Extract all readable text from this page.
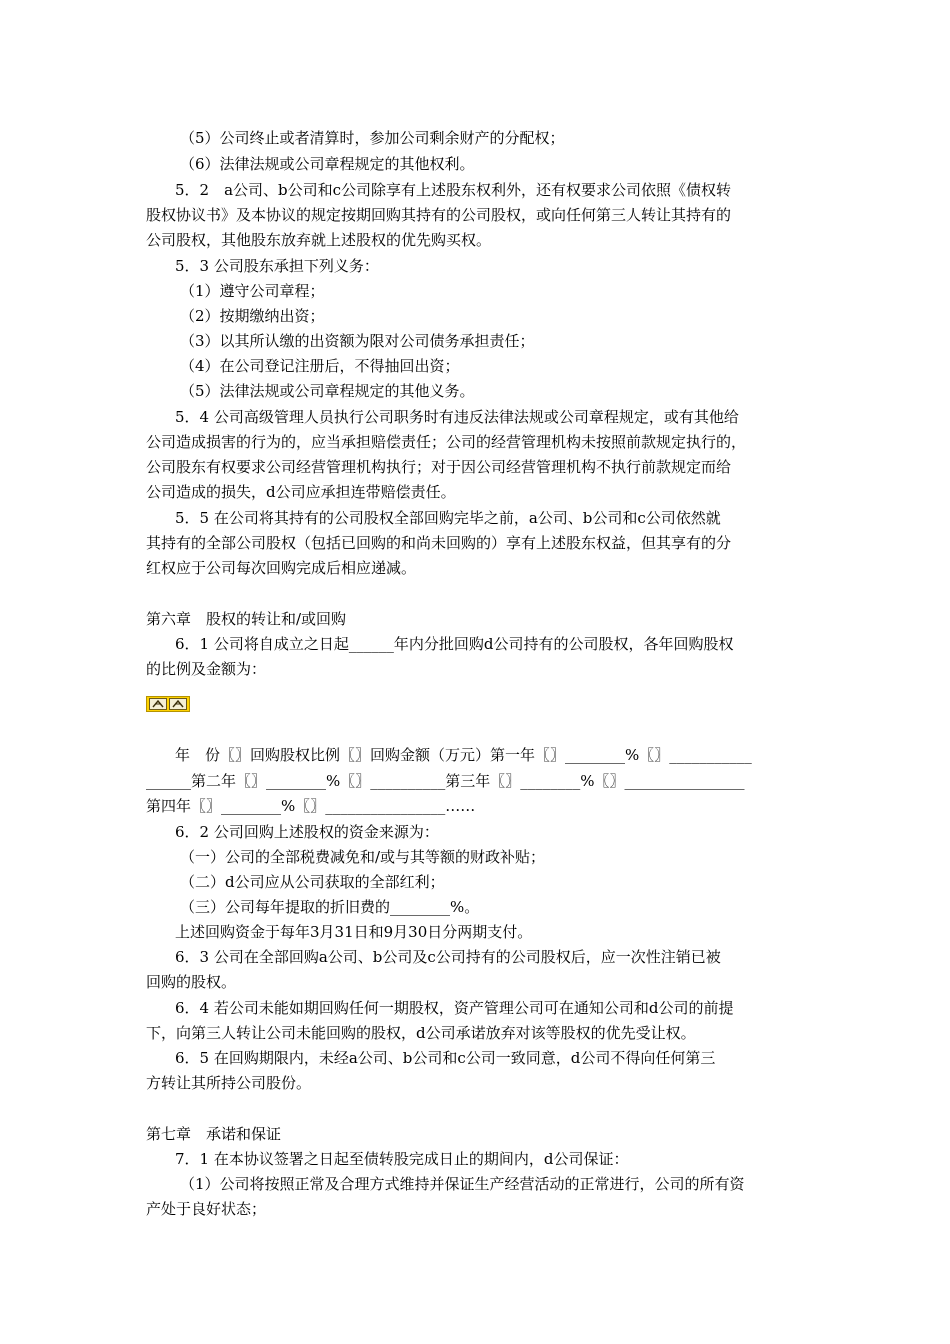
（5）公司终止或者清算时，参加公司剩余财产的分配权；
（6）法律法规或公司章程规定的其他权利。
5．2　a公司、b公司和c公司除享有上述股东权利外，还有权要求公司依照《债权转
股权协议书》及本协议的规定按期回购其持有的公司股权，或向任何第三人转让其持有的
公司股权，其他股东放弃就上述股权的优先购买权。
5．3 公司股东承担下列义务：
（1）遵守公司章程；
（2）按期缴纳出资；
（3）以其所认缴的出资额为限对公司债务承担责任；
（4）在公司登记注册后，不得抽回出资；
（5）法律法规或公司章程规定的其他义务。
5．4 公司高级管理人员执行公司职务时有违反法律法规或公司章程规定，或有其他给
公司造成损害的行为的，应当承担赔偿责任；公司的经营管理机构未按照前款规定执行的，
公司股东有权要求公司经营管理机构执行；对于因公司经营管理机构不执行前款规定而给
公司造成的损失，d公司应承担连带赔偿责任。
5．5 在公司将其持有的公司股权全部回购完毕之前，a公司、b公司和c公司依然就
其持有的全部公司股权（包括已回购的和尚未回购的）享有上述股东权益，但其享有的分
红权应于公司每次回购完成后相应递减。
第六章　股权的转让和/或回购
6．1 公司将自成立之日起______年内分批回购d公司持有的公司股权，各年回购股权
的比例及金额为：
年　份〖〗回购股权比例〖〗回购金额（万元）第一年〖〗________%〖〗___________
______第二年〖〗________%〖〗__________第三年〖〗________%〖〗________________
第四年〖〗________%〖〗________________……
6．2 公司回购上述股权的资金来源为：
（一）公司的全部税费减免和/或与其等额的财政补贴；
（二）d公司应从公司获取的全部红利；
（三）公司每年提取的折旧费的________%。
上述回购资金于每年3月31日和9月30日分两期支付。
6．3 公司在全部回购a公司、b公司及c公司持有的公司股权后，应一次性注销已被
回购的股权。
6．4 若公司未能如期回购任何一期股权，资产管理公司可在通知公司和d公司的前提
下，向第三人转让公司未能回购的股权，d公司承诺放弃对该等股权的优先受让权。
6．5 在回购期限内，未经a公司、b公司和c公司一致同意，d公司不得向任何第三
方转让其所持公司股份。
第七章　承诺和保证
7．1 在本协议签署之日起至债转股完成日止的期间内，d公司保证：
（1）公司将按照正常及合理方式维持并保证生产经营活动的正常进行，公司的所有资
产处于良好状态；
